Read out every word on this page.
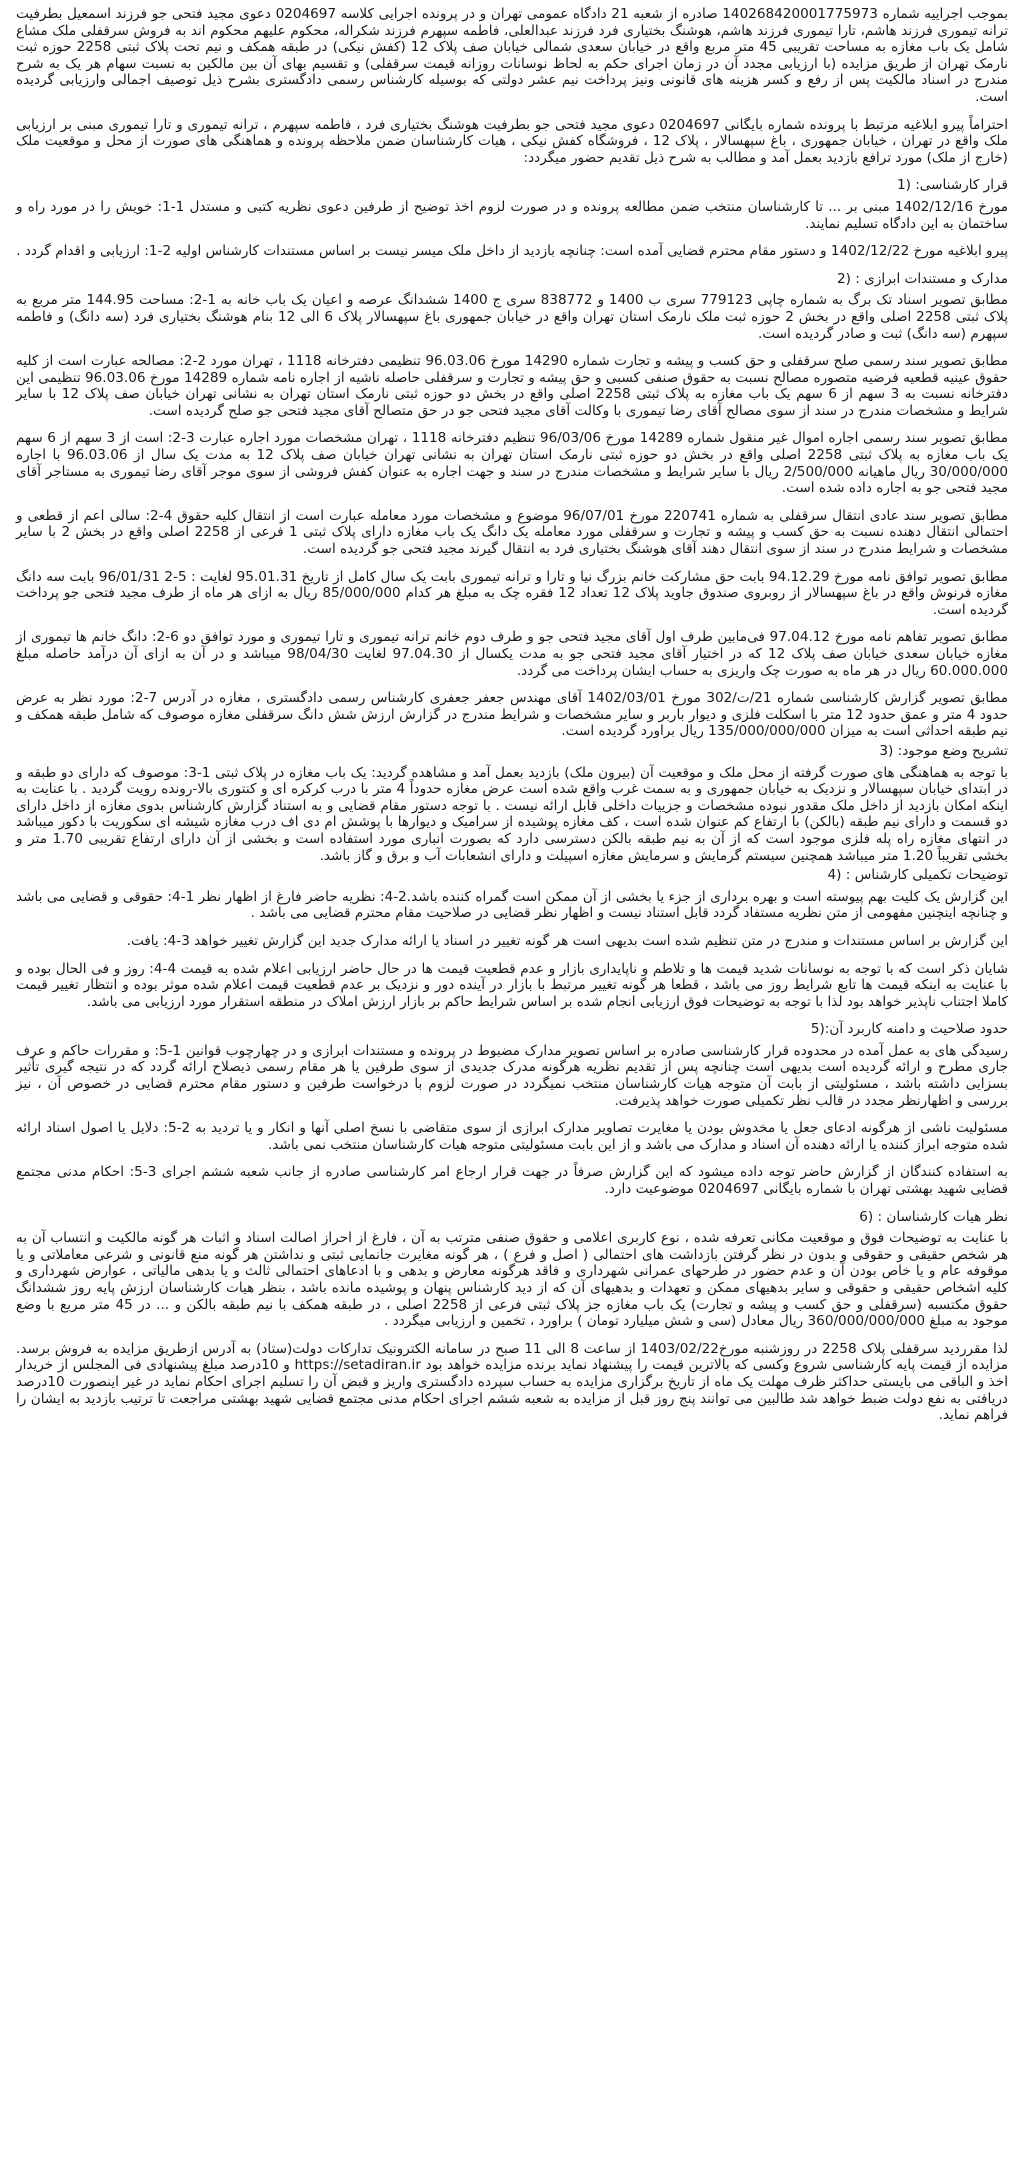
بموجب اجراییه شماره 140268420001775973 صادره از شعبه 21 دادگاه عمومی تهران و در پرونده اجرایی کلاسه 0204697 دعوی مجید فتحی جو فرزند اسمعیل بطرفیت ترانه تیموری فرزند هاشم، تارا تیموری فرزند هاشم، هوشنگ بختیاری فرد فرزند عبدالعلی، فاطمه سپهرم فرزند شکراله، محکوم علیهم محکوم اند به فروش سرقفلی ملک مشاع شامل یک باب مغازه به مساحت تقریبی 45 متر مربع واقع در خیابان سعدی شمالی خیابان صف پلاک 12 (کفش نیکی) در طبقه همکف و نیم تحت پلاک ثبتی 2258 حوزه ثبت نارمک تهران از طریق مزایده (با ارزیابی مجدد آن در زمان اجرای حکم به لحاظ نوسانات روزانه قیمت سرقفلی) و تقسیم بهای آن بین مالکین به نسبت سهام هر یک به شرح مندرج در اسناد مالکیت پس از رفع و کسر هزینه های قانونی ونیز پرداخت نیم عشر دولتی که بوسیله کارشناس رسمی دادگستری بشرح ذیل توصیف اجمالی وارزیابی گردیده است.

احتراماً پیرو ابلاغیه مرتبط با پرونده شماره بایگانی 0204697 دعوی مجید فتحی جو بطرفیت هوشنگ بختیاری فرد ، فاطمه سپهرم ، ترانه تیموری و تارا تیموری مبنی بر ارزیابی ملک واقع در تهران ، خیابان جمهوری ، باغ سپهسالار ، پلاک 12 ، فروشگاه کفش نیکی ، هیات کارشناسان ضمن ملاحظه پرونده و هماهنگی های صورت از محل و موقعیت ملک (خارج از ملک) مورد ترافع بازدید بعمل آمد و مطالب به شرح ذیل تقدیم حضور میگردد:

قرار کارشناسی: (1

مورخ 1402/12/16 مبنی بر ... تا کارشناسان منتخب ضمن مطالعه پرونده و در صورت لزوم اخذ توضیح از طرفین دعوی نظریه کتبی و مستدل 1-1: خویش را در مورد راه و ساختمان به این دادگاه تسلیم نمایند.

پیرو ابلاغیه مورخ 1402/12/22 و دستور مقام محترم قضایی آمده است: چنانچه بازدید از داخل ملک میسر نیست بر اساس مستندات کارشناس اولیه 2-1: ارزیابی و اقدام گردد .

مدارک و مستندات ابرازی : (2

مطابق تصویر اسناد تک برگ به شماره چاپی 779123 سری ب 1400 و 838772 سری ج 1400 ششدانگ عرصه و اعیان یک باب خانه به 1-2: مساحت 144.95 متر مربع به پلاک ثبتی 2258 اصلی واقع در بخش 2 حوزه ثبت ملک نارمک استان تهران واقع در خیابان جمهوری باغ سپهسالار پلاک 6 الی 12 بنام هوشنگ بختیاری فرد (سه دانگ) و فاطمه سپهرم (سه دانگ) ثبت و صادر گردیده است.

مطابق تصویر سند رسمی صلح سرقفلی و حق کسب و پیشه و تجارت شماره 14290 مورخ 96.03.06 تنظیمی دفترخانه 1118 ، تهران مورد 2-2: مصالحه عبارت است از کلیه حقوق عینیه قطعیه فرضیه متصوره مصالح نسبت به حقوق صنفی کسبی و حق پیشه و تجارت و سرقفلی حاصله ناشیه از اجاره نامه شماره 14289 مورخ 96.03.06 تنظیمی این دفترخانه نسبت به 3 سهم از 6 سهم یک باب مغازه به پلاک ثبتی 2258 اصلی واقع در بخش دو حوزه ثبتی نارمک استان تهران به نشانی تهران خیابان صف پلاک 12 با سایر شرایط و مشخصات مندرج در سند از سوی مصالح آقای رضا تیموری با وکالت آقای مجید فتحی جو در حق متصالح آقای مجید فتحی جو صلح گردیده است.

مطابق تصویر سند رسمی اجاره اموال غیر منقول شماره 14289 مورخ 96/03/06 تنظیم دفترخانه 1118 ، تهران مشخصات مورد اجاره عبارت 3-2: است از 3 سهم از 6 سهم یک باب مغازه به پلاک ثبتی 2258 اصلی واقع در بخش دو حوزه ثبتی نارمک استان تهران به نشانی تهران خیابان صف پلاک 12 به مدت یک سال از 96.03.06 با اجاره 30/000/000 ریال ماهیانه 2/500/000 ریال با سایر شرایط و مشخصات مندرج در سند و جهت اجاره به عنوان کفش فروشی از سوی موجر آقای رضا تیموری به مستاجر آقای مجید فتحی جو به اجاره داده شده است.

مطابق تصویر سند عادی انتقال سرقفلی به شماره 220741 مورخ 96/07/01 موضوع و مشخصات مورد معامله عبارت است از انتقال کلیه حقوق 4-2: سالی اعم از قطعی و احتمالی انتقال دهنده نسبت به حق کسب و پیشه و تجارت و سرقفلی مورد معامله یک دانگ یک باب مغازه دارای پلاک ثبتی 1 فرعی از 2258 اصلی واقع در بخش 2 با سایر مشخصات و شرایط مندرج در سند از سوی انتقال دهند آقای هوشنگ بختیاری فرد به انتقال گیرند مجید فتحی جو گردیده است.

مطابق تصویر توافق نامه مورخ 94.12.29 بابت حق مشارکت خانم بزرگ نیا و تارا و ترانه تیموری بابت یک سال کامل از تاریخ 95.01.31 لغایت : 5-2 96/01/31 بابت سه دانگ مغازه فرنوش واقع در باغ سپهسالار از روبروی صندوق جاوید پلاک 12 تعداد 12 فقره چک به مبلغ هر کدام 85/000/000 ریال به ازای هر ماه از طرف مجید فتحی جو پرداخت گردیده است.

مطابق تصویر تفاهم نامه مورخ 97.04.12 فی‌مابین طرف اول آقای مجید فتحی جو و طرف دوم خانم ترانه تیموری و تارا تیموری و مورد توافق دو 6-2: دانگ خانم ها تیموری از مغازه خیابان سعدی خیابان صف پلاک 12 که در اختیار آقای مجید فتحی جو به مدت یکسال از 97.04.30 لغایت 98/04/30 میباشد و در آن به ازای آن درآمد حاصله مبلغ 60.000.000 ریال در هر ماه به صورت چک واریزی به حساب ایشان پرداخت می گردد.

مطابق تصویر گزارش کارشناسی شماره 21/ت/302 مورخ 1402/03/01 آقای مهندس جعفر جعفری کارشناس رسمی دادگستری ، مغازه در آدرس 7-2: مورد نظر به عرض حدود 4 متر و عمق حدود 12 متر با اسکلت فلزی و دیوار باربر و سایر مشخصات و شرایط مندرج در گزارش ارزش شش دانگ سرقفلی مغازه موصوف که شامل طبقه همکف و نیم طبقه احداثی است به میزان 135/000/000/000 ریال براورد گردیده است.

تشریح وضع موجود: (3

با توجه به هماهنگی های صورت گرفته از محل ملک و موقعیت آن (بیرون ملک) بازدید بعمل آمد و مشاهده گردید: یک باب مغازه در پلاک ثبتی 1-3: موصوف که دارای دو طبقه و در ابتدای خیابان سپهسالار و نزدیک به خیابان جمهوری و به سمت غرب واقع شده است عرض مغازه حدوداً 4 متر با درب کرکره ای و کنتوری بالا-رونده رویت گردید . با عنایت به اینکه امکان بازدید از داخل ملک مقدور نبوده مشخصات و جزییات داخلی قابل ارائه نیست . با توجه دستور مقام قضایی و به استناد گزارش کارشناس بدوی مغازه از داخل دارای دو قسمت و دارای نیم طبقه (بالکن) با ارتفاع کم عنوان شده است ، کف مغازه پوشیده از سرامیک و دیوارها با پوشش ام دی اف درب مغازه شیشه ای سکوریت با دکور میباشد در انتهای مغازه راه پله فلزی موجود است که از آن به نیم طبقه بالکن دسترسی دارد که بصورت انباری مورد استفاده است و بخشی از آن دارای ارتفاع تقریبی 1.70 متر و بخشی تقریباً 1.20 متر میباشد همچنین سیستم گرمایش و سرمایش مغازه اسپیلت و دارای انشعابات آب و برق و گاز باشد.

توضیحات تکمیلی کارشناس : (4

این گزارش یک کلیت بهم پیوسته است و بهره برداری از جزء یا بخشی از آن ممکن است گمراه کننده باشد.2-4: نظریه حاضر فارغ از اظهار نظر 1-4: حقوقی و قضایی می باشد و چنانچه اینچنین مفهومی از متن نظریه مستفاد گردد قابل استناد نیست و اظهار نظر قضایی در صلاحیت مقام محترم قضایی می باشد .

این گزارش بر اساس مستندات و مندرج در متن تنظیم شده است بدیهی است هر گونه تغییر در اسناد یا ارائه مدارک جدید این گزارش تغییر خواهد 3-4: یافت.

شایان ذکر است که با توجه به نوسانات شدید قیمت ها و تلاطم و ناپایداری بازار و عدم قطعیت قیمت ها در حال حاضر ارزیابی اعلام شده به قیمت 4-4: روز و فی الحال بوده و با عنایت به اینکه قیمت ها تابع شرایط روز می باشد ، قطعا هر گونه تغییر مرتبط با بازار در آینده دور و نزدیک بر عدم قطعیت قیمت اعلام شده موثر بوده و انتظار تغییر قیمت کاملا اجتناب ناپذیر خواهد بود لذا با توجه به توضیحات فوق ارزیابی انجام شده بر اساس شرایط حاکم بر بازار ارزش املاک در منطقه استقرار مورد ارزیابی می باشد.

حدود صلاحیت و دامنه کاربرد آن:(5

رسیدگی های به عمل آمده در محدوده قرار کارشناسی صادره بر اساس تصویر مدارک مضبوط در پرونده و مستندات ابرازی و در چهارچوب قوانین 1-5: و مقررات حاکم و عرف جاری مطرح و ارائه گردیده است بدیهی است چنانچه پس از تقدیم نظریه هرگونه مدرک جدیدی از سوی طرفین یا هر مقام رسمی ذیصلاح ارائه گردد که در نتیجه گیری تأثیر بسزایی داشته باشد ، مسئولیتی از بابت آن متوجه هیات کارشناسان منتخب نمیگردد در صورت لزوم با درخواست طرفین و دستور مقام محترم قضایی در خصوص آن ، نیز بررسی و اظهارنظر مجدد در قالب نظر تکمیلی صورت خواهد پذیرفت.

مسئولیت ناشی از هرگونه ادعای جعل یا مخدوش بودن یا مغایرت تصاویر مدارک ابرازی از سوی متقاضی با نسخ اصلی آنها و انکار و یا تردید به 2-5: دلایل یا اصول اسناد ارائه شده متوجه ابراز کننده یا ارائه دهنده آن اسناد و مدارک می باشد و از این بابت مسئولیتی متوجه هیات کارشناسان منتخب نمی باشد.

به استفاده کنندگان از گزارش حاضر توجه داده میشود که این گزارش صرفاً در جهت قرار ارجاع امر کارشناسی صادره از جانب شعبه ششم اجرای 3-5: احکام مدنی مجتمع قضایی شهید بهشتی تهران با شماره بایگانی 0204697 موضوعیت دارد.

نظر هیات کارشناسان : (6

با عنایت به توضیحات فوق و موقعیت مکانی تعرفه شده ، نوع کاربری اعلامی و حقوق صنفی مترتب به آن ، فارغ از احراز اصالت اسناد و اثبات هر گونه مالکیت و انتساب آن به هر شخص حقیقی و حقوقی و بدون در نظر گرفتن بازداشت های احتمالی ( اصل و فرع ) ، هر گونه مغایرت جانمایی ثبتی و نداشتن هر گونه منع قانونی و شرعی معاملاتی و یا موقوفه عام و یا خاص بودن آن و عدم حضور در طرحهای عمرانی شهرداری و فاقد هرگونه معارض و بدهی و با ادعاهای احتمالی ثالث و یا بدهی مالیاتی ، عوارض شهرداری و کلیه اشخاص حقیقی و حقوقی و سایر بدهیهای ممکن و تعهدات و بدهیهای آن که از دید کارشناس پنهان و پوشیده مانده باشد ، بنظر هیات کارشناسان ارزش پایه روز ششدانگ حقوق مکتسبه (سرقفلی و حق کسب و پیشه و تجارت) یک باب مغازه جز پلاک ثبتی فرعی از 2258 اصلی ، در طبقه همکف با نیم طبقه بالکن و ... در 45 متر مربع با وضع موجود به مبلغ 360/000/000/000 ریال معادل (سی و شش میلیارد تومان ) براورد ، تخمین و ارزیابی میگردد .

لذا مقرردید سرقفلی پلاک 2258 در روزشنبه مورخ1403/02/22 از ساعت 8 الی 11 صبح در سامانه الکترونیک تدارکات دولت(ستاد) به آدرس ازطریق مزایده به فروش برسد. مزایده از قیمت پایه کارشناسی شروع وکسی که بالاترین قیمت را پیشنهاد نماید برنده مزایده خواهد بود https://setadiran.ir و 10درصد مبلغ پیشنهادی فی المجلس از خریدار اخذ و الباقی می بایستی حداکثر ظرف مهلت یک ماه از تاریخ برگزاری مزایده به حساب سپرده دادگستری واریز و قبض آن را تسلیم اجرای احکام نماید در غیر اینصورت 10درصد دریافتی به نفع دولت ضبط خواهد شد طالبین می توانند پنج روز قبل از مزایده به شعبه ششم اجرای احکام مدنی مجتمع قضایی شهید بهشتی مراجعت تا ترتیب بازدید به ایشان را فراهم نماید.
